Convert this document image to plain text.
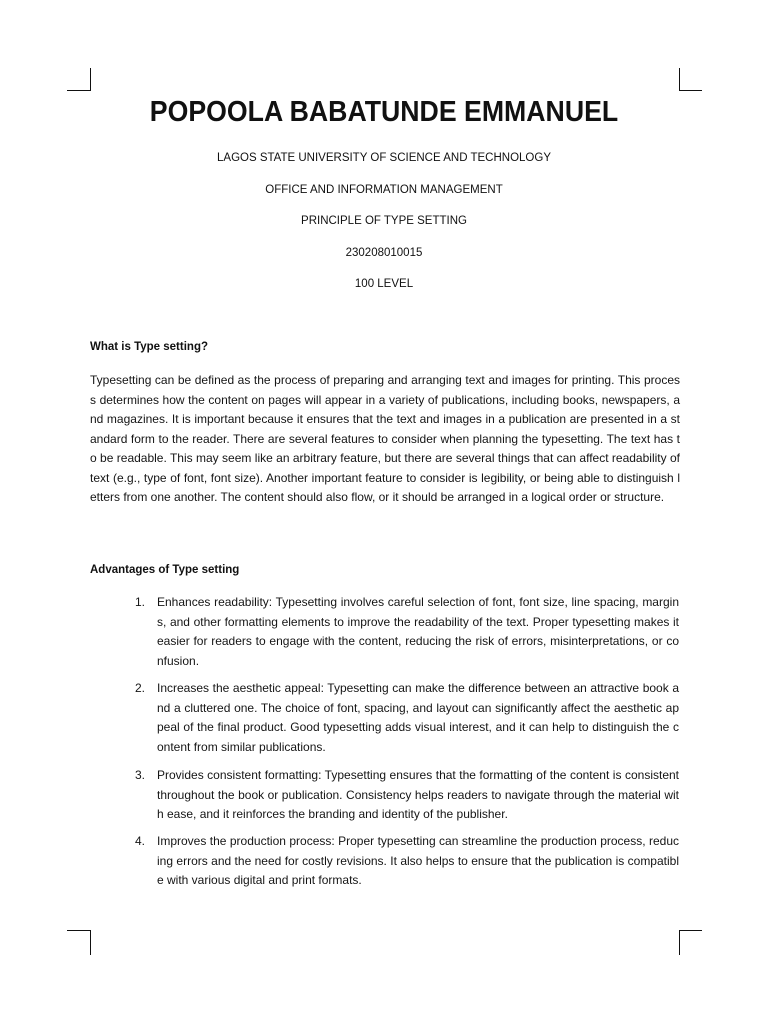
POPOOLA BABATUNDE EMMANUEL
LAGOS STATE UNIVERSITY OF SCIENCE AND TECHNOLOGY
OFFICE AND INFORMATION MANAGEMENT
PRINCIPLE OF TYPE SETTING
230208010015
100 LEVEL
What is Type setting?
Typesetting can be defined as the process of preparing and arranging text and images for printing. This process determines how the content on pages will appear in a variety of publications, including books, newspapers, and magazines. It is important because it ensures that the text and images in a publication are presented in a standard form to the reader. There are several features to consider when planning the typesetting. The text has to be readable. This may seem like an arbitrary feature, but there are several things that can affect readability of text (e.g., type of font, font size). Another important feature to consider is legibility, or being able to distinguish letters from one another. The content should also flow, or it should be arranged in a logical order or structure.
Advantages of Type setting
1. Enhances readability: Typesetting involves careful selection of font, font size, line spacing, margins, and other formatting elements to improve the readability of the text. Proper typesetting makes it easier for readers to engage with the content, reducing the risk of errors, misinterpretations, or confusion.
2. Increases the aesthetic appeal: Typesetting can make the difference between an attractive book and a cluttered one. The choice of font, spacing, and layout can significantly affect the aesthetic appeal of the final product. Good typesetting adds visual interest, and it can help to distinguish the content from similar publications.
3. Provides consistent formatting: Typesetting ensures that the formatting of the content is consistent throughout the book or publication. Consistency helps readers to navigate through the material with ease, and it reinforces the branding and identity of the publisher.
4. Improves the production process: Proper typesetting can streamline the production process, reducing errors and the need for costly revisions. It also helps to ensure that the publication is compatible with various digital and print formats.
